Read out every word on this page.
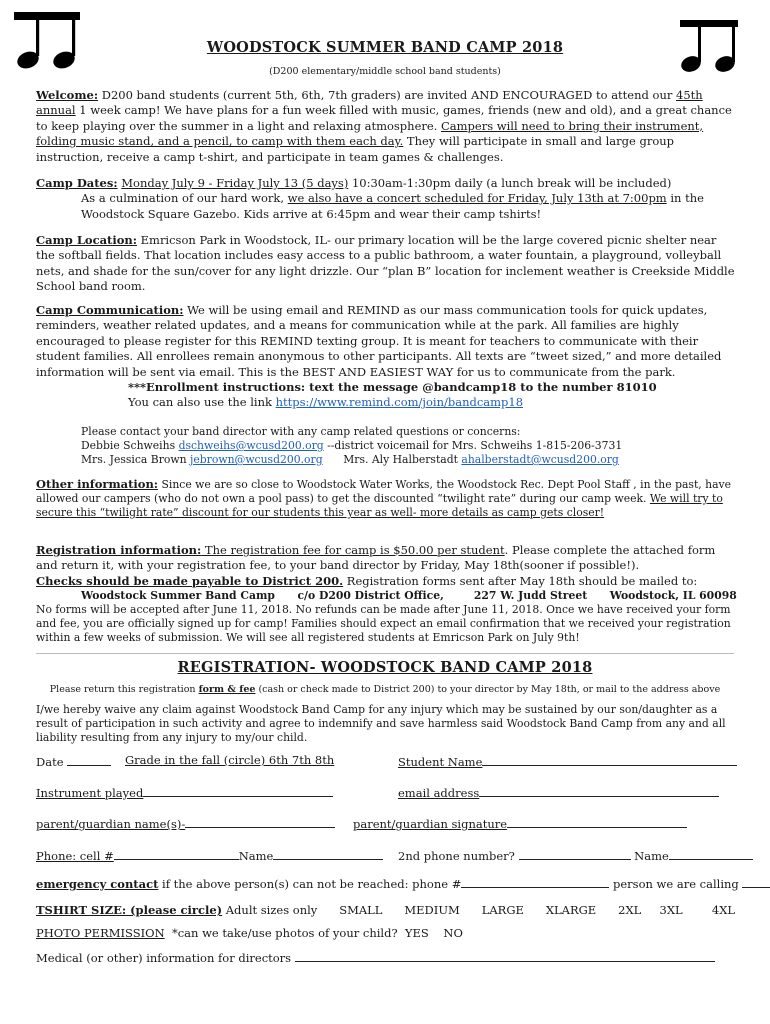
WOODSTOCK SUMMER BAND CAMP 2018
(D200 elementary/middle school band students)
Welcome: D200 band students (current 5th, 6th, 7th graders) are invited AND ENCOURAGED to attend our 45th annual 1 week camp! We have plans for a fun week filled with music, games, friends (new and old), and a great chance to keep playing over the summer in a light and relaxing atmosphere. Campers will need to bring their instrument, folding music stand, and a pencil, to camp with them each day. They will participate in small and large group instruction, receive a camp t-shirt, and participate in team games & challenges.
Camp Dates: Monday July 9 - Friday July 13 (5 days) 10:30am-1:30pm daily (a lunch break will be included)
As a culmination of our hard work, we also have a concert scheduled for Friday, July 13th at 7:00pm in the Woodstock Square Gazebo. Kids arrive at 6:45pm and wear their camp tshirts!
Camp Location: Emricson Park in Woodstock, IL- our primary location will be the large covered picnic shelter near the softball fields. That location includes easy access to a public bathroom, a water fountain, a playground, volleyball nets, and shade for the sun/cover for any light drizzle. Our “plan B” location for inclement weather is Creekside Middle School band room.
Camp Communication: We will be using email and REMIND as our mass communication tools for quick updates, reminders, weather related updates, and a means for communication while at the park. All families are highly encouraged to please register for this REMIND texting group. It is meant for teachers to communicate with their student families. All enrollees remain anonymous to other participants. All texts are “tweet sized,” and more detailed information will be sent via email. This is the BEST AND EASIEST WAY for us to communicate from the park.
***Enrollment instructions: text the message @bandcamp18 to the number 81010
You can also use the link https://www.remind.com/join/bandcamp18
Please contact your band director with any camp related questions or concerns:
Debbie Schweihs dschweihs@wcusd200.org --district voicemail for Mrs. Schweihs 1-815-206-3731
Mrs. Jessica Brown jebrown@wcusd200.org      Mrs. Aly Halberstadt ahalberstadt@wcusd200.org
Other information: Since we are so close to Woodstock Water Works, the Woodstock Rec. Dept Pool Staff , in the past, have allowed our campers (who do not own a pool pass) to get the discounted “twilight rate” during our camp week. We will try to secure this “twilight rate” discount for our students this year as well- more details as camp gets closer!
Registration information: The registration fee for camp is $50.00 per student. Please complete the attached form and return it, with your registration fee, to your band director by Friday, May 18th(sooner if possible!).
Checks should be made payable to District 200. Registration forms sent after May 18th should be mailed to:
Woodstock Summer Band Camp      c/o D200 District Office,        227 W. Judd Street      Woodstock, IL 60098
No forms will be accepted after June 11, 2018. No refunds can be made after June 11, 2018. Once we have received your form and fee, you are officially signed up for camp! Families should expect an email confirmation that we received your registration within a few weeks of submission. We will see all registered students at Emricson Park on July 9th!
REGISTRATION- WOODSTOCK BAND CAMP 2018
Please return this registration form & fee (cash or check made to District 200) to your director by May 18th, or mail to the address above
I/we hereby waive any claim against Woodstock Band Camp for any injury which may be sustained by our son/daughter as a result of participation in such activity and agree to indemnify and save harmless said Woodstock Band Camp from any and all liability resulting from any injury to my/our child.
Date	Grade in the fall (circle) 6th 7th 8th	Student Name
Instrument played	email address
parent/guardian name(s)-	parent/guardian signature
Phone: cell #	Name	2nd phone number?	Name
emergency contact if the above person(s) can not be reached: phone #	person we are calling
TSHIRT SIZE: (please circle) Adult sizes only      SMALL      MEDIUM      LARGE      XLARGE      2XL     3XL        4XL
PHOTO PERMISSION  *can we take/use photos of your child?  YES    NO
Medical (or other) information for directors
